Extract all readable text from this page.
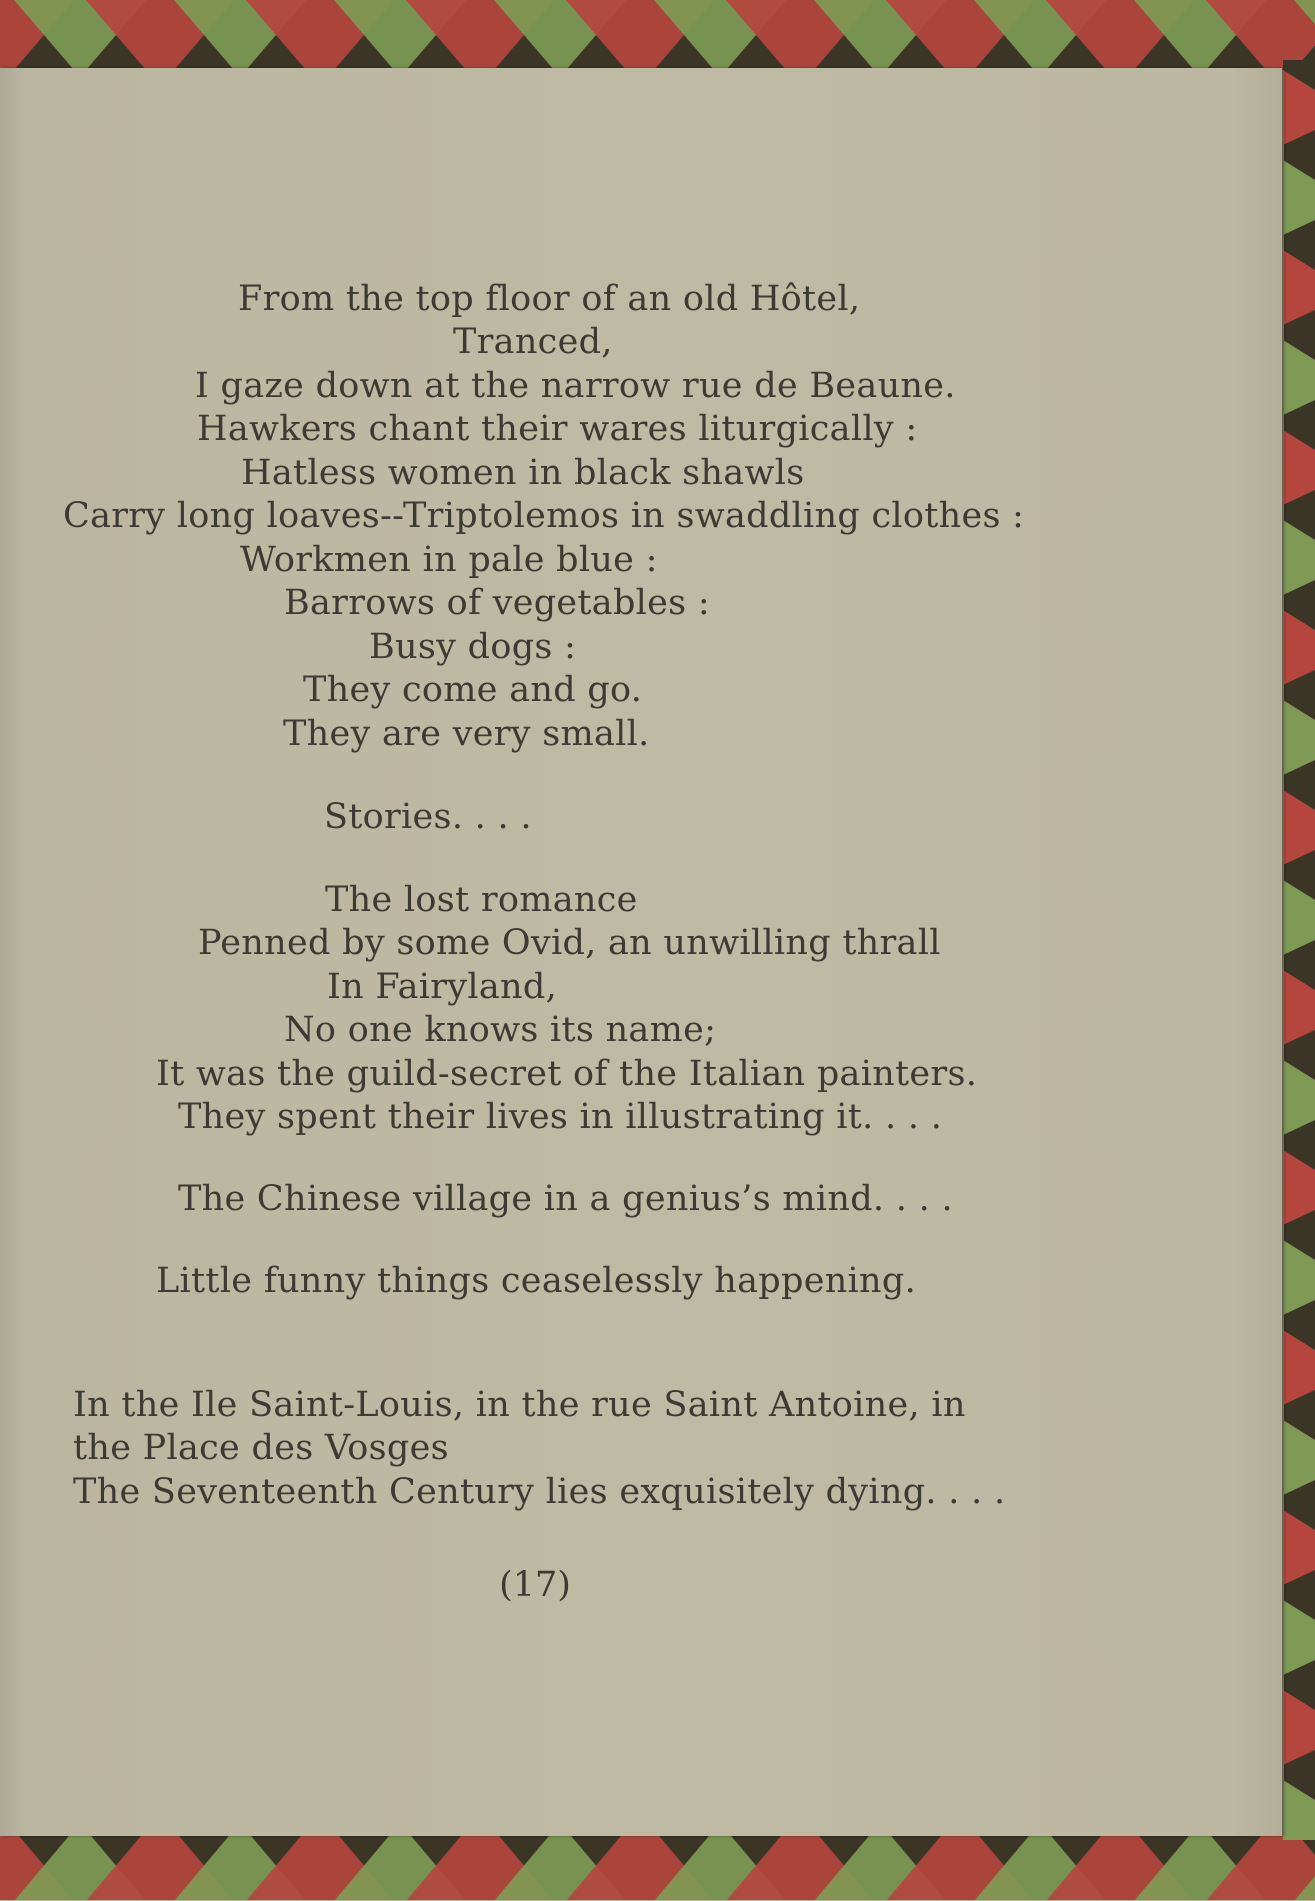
From the top floor of an old Hôtel,
Tranced,
I gaze down at the narrow rue de Beaune.
Hawkers chant their wares liturgically :
Hatless women in black shawls
Carry long loaves--Triptolemos in swaddling clothes :
Workmen in pale blue :
Barrows of vegetables :
Busy dogs :
They come and go.
They are very small.
Stories. . . .
The lost romance
Penned by some Ovid, an unwilling thrall
In Fairyland,
No one knows its name;
It was the guild-secret of the Italian painters.
They spent their lives in illustrating it. . . .
The Chinese village in a genius’s mind. . . .
Little funny things ceaselessly happening.
In the Ile Saint-Louis, in the rue Saint Antoine, in
the Place des Vosges
The Seventeenth Century lies exquisitely dying. . . .
(17)
